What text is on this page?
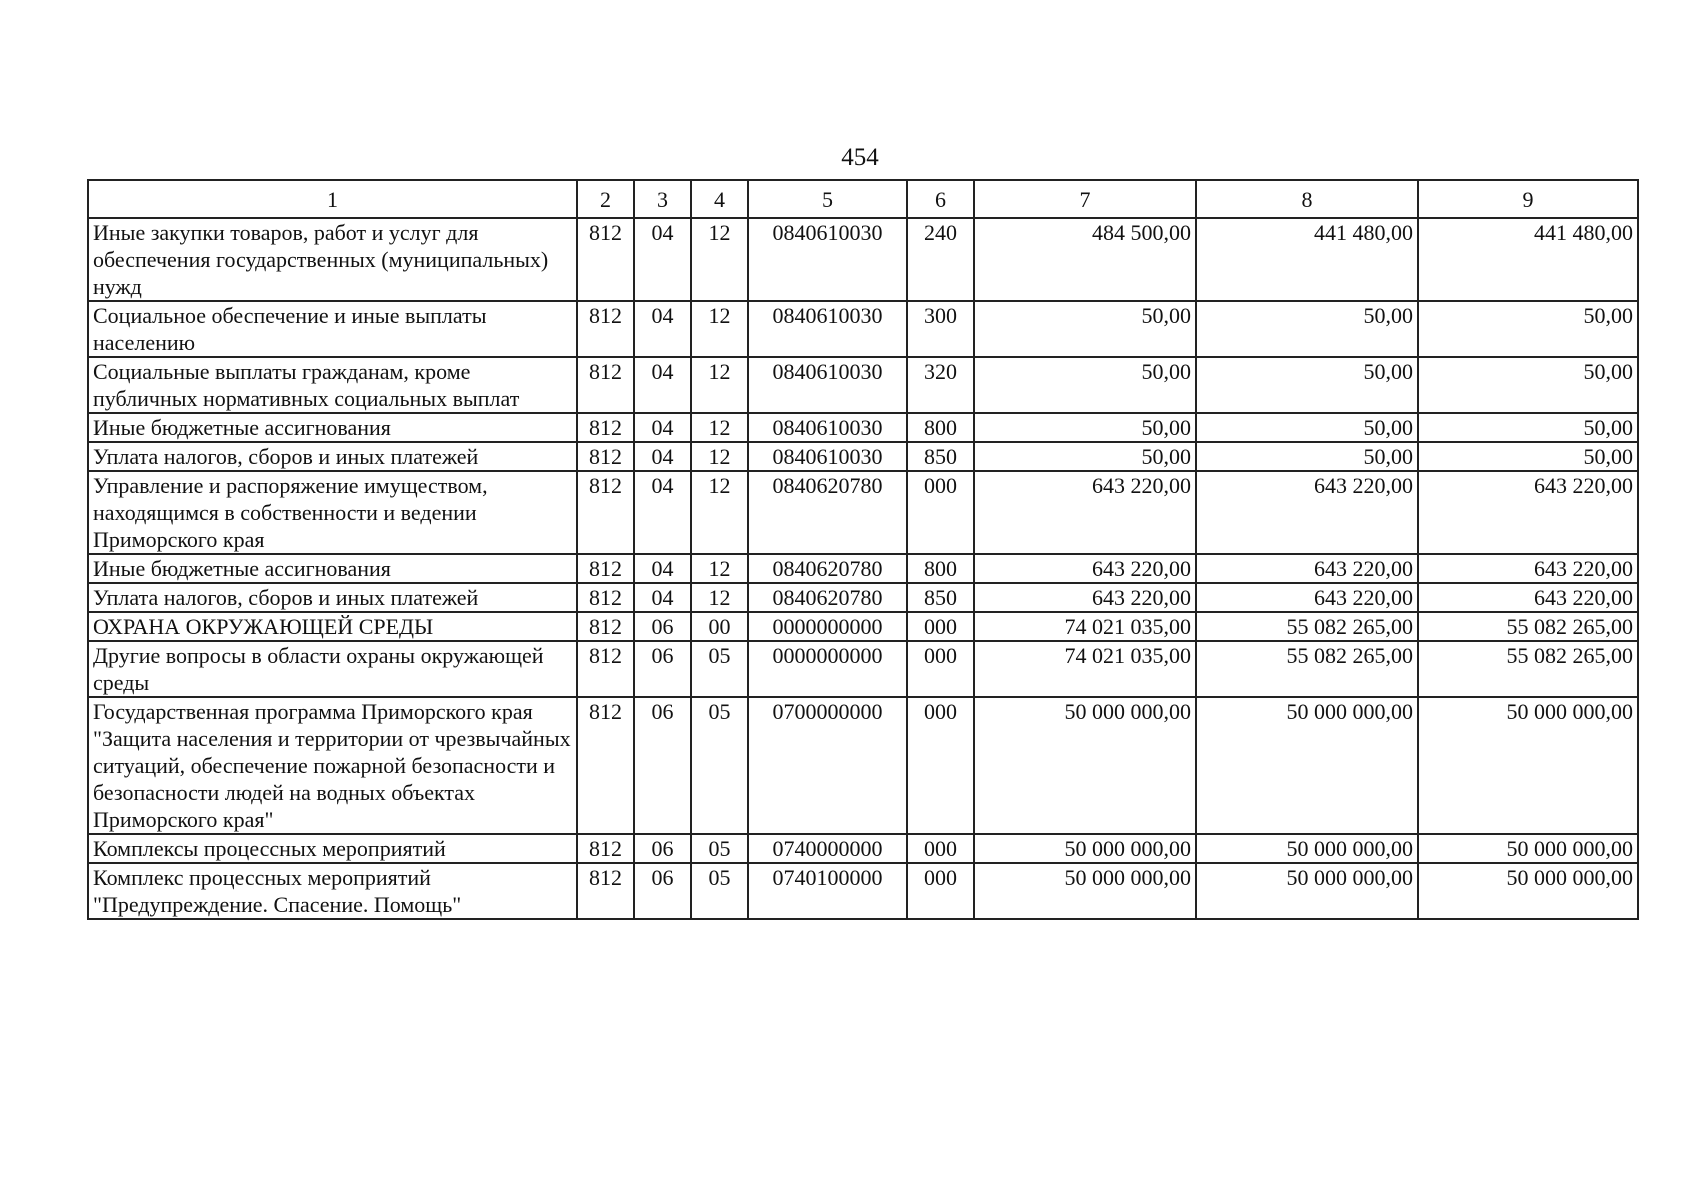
454
1	2	3	4	5	6	7	8	9
Иные закупки товаров, работ и услуг для обеспечения государственных (муниципальных) нужд	812	04	12	0840610030	240	484 500,00	441 480,00	441 480,00
Социальное обеспечение и иные выплаты населению	812	04	12	0840610030	300	50,00	50,00	50,00
Социальные выплаты гражданам, кроме публичных нормативных социальных выплат	812	04	12	0840610030	320	50,00	50,00	50,00
Иные бюджетные ассигнования	812	04	12	0840610030	800	50,00	50,00	50,00
Уплата налогов, сборов и иных платежей	812	04	12	0840610030	850	50,00	50,00	50,00
Управление и распоряжение имуществом, находящимся в собственности и ведении Приморского края	812	04	12	0840620780	000	643 220,00	643 220,00	643 220,00
Иные бюджетные ассигнования	812	04	12	0840620780	800	643 220,00	643 220,00	643 220,00
Уплата налогов, сборов и иных платежей	812	04	12	0840620780	850	643 220,00	643 220,00	643 220,00
ОХРАНА ОКРУЖАЮЩЕЙ СРЕДЫ	812	06	00	0000000000	000	74 021 035,00	55 082 265,00	55 082 265,00
Другие вопросы в области охраны окружающей среды	812	06	05	0000000000	000	74 021 035,00	55 082 265,00	55 082 265,00
Государственная программа Приморского края "Защита населения и территории от чрезвычайных ситуаций, обеспечение пожарной безопасности и безопасности людей на водных объектах Приморского края"	812	06	05	0700000000	000	50 000 000,00	50 000 000,00	50 000 000,00
Комплексы процессных мероприятий	812	06	05	0740000000	000	50 000 000,00	50 000 000,00	50 000 000,00
Комплекс процессных мероприятий "Предупреждение. Спасение. Помощь"	812	06	05	0740100000	000	50 000 000,00	50 000 000,00	50 000 000,00
